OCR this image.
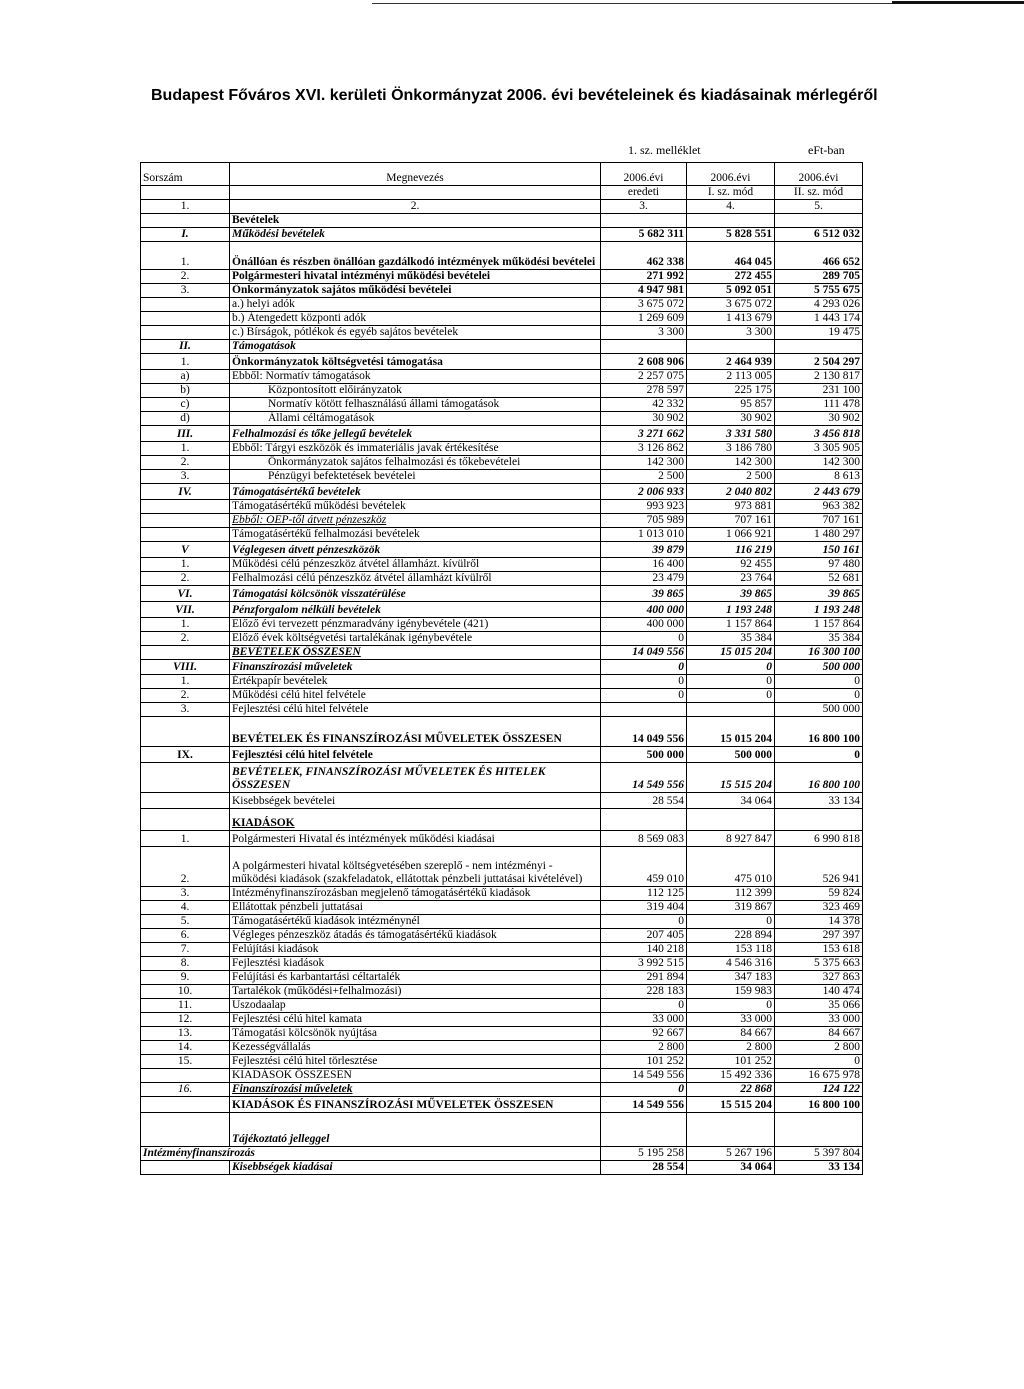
Budapest Főváros XVI. kerületi Önkormányzat 2006. évi bevételeinek és kiadásainak mérlegéről
1. sz. melléklet	eFt-ban
Sorszám	Megnevezés	2006.évi	2006.évi	2006.évi
		eredeti	I. sz. mód	II. sz. mód
1.	2.	3.	4.	5.
	Bevételek			
I.	Működési bevételek	5 682 311	5 828 551	6 512 032
1.	Önállóan és részben önállóan gazdálkodó intézmények működési bevételei	462 338	464 045	466 652
2.	Polgármesteri hivatal intézményi működési bevételei	271 992	272 455	289 705
3.	Önkormányzatok sajátos működési bevételei	4 947 981	5 092 051	5 755 675
	a.) helyi adók	3 675 072	3 675 072	4 293 026
	b.) Átengedett központi adók	1 269 609	1 413 679	1 443 174
	c.) Bírságok, pótlékok és egyéb sajátos bevételek	3 300	3 300	19 475
II.	Támogatások			
1.	Önkormányzatok költségvetési támogatása	2 608 906	2 464 939	2 504 297
a)	Ebből: Normatív támogatások	2 257 075	2 113 005	2 130 817
b)	Központosított előirányzatok	278 597	225 175	231 100
c)	Normatív kötött felhasználású állami támogatások	42 332	95 857	111 478
d)	Állami céltámogatások	30 902	30 902	30 902
III.	Felhalmozási és tőke jellegű bevételek	3 271 662	3 331 580	3 456 818
1.	Ebből: Tárgyi eszközök és immateriális javak értékesítése	3 126 862	3 186 780	3 305 905
2.	Önkormányzatok sajátos felhalmozási és tőkebevételei	142 300	142 300	142 300
3.	Pénzügyi befektetések bevételei	2 500	2 500	8 613
IV.	Támogatásértékű bevételek	2 006 933	2 040 802	2 443 679
	Támogatásértékű működési bevételek	993 923	973 881	963 382
	Ebből: OEP-től átvett pénzeszköz	705 989	707 161	707 161
	Támogatásértékű felhalmozási bevételek	1 013 010	1 066 921	1 480 297
V	Véglegesen átvett pénzeszközök	39 879	116 219	150 161
1.	Működési célú pénzeszköz átvétel államházt. kívülről	16 400	92 455	97 480
2.	Felhalmozási célú pénzeszköz átvétel államházt kívülről	23 479	23 764	52 681
VI.	Támogatási kölcsönök visszatérülése	39 865	39 865	39 865
VII.	Pénzforgalom nélküli bevételek	400 000	1 193 248	1 193 248
1.	Előző évi tervezett pénzmaradvány igénybevétele (421)	400 000	1 157 864	1 157 864
2.	Előző évek költségvetési tartalékának igénybevétele	0	35 384	35 384
	BEVÉTELEK ÖSSZESEN	14 049 556	15 015 204	16 300 100
VIII.	Finanszírozási műveletek	0	0	500 000
1.	Értékpapír bevételek	0	0	0
2.	Működési célú hitel felvétele	0	0	0
3.	Fejlesztési célú hitel felvétele			500 000
	BEVÉTELEK ÉS FINANSZÍROZÁSI MŰVELETEK ÖSSZESEN	14 049 556	15 015 204	16 800 100
IX.	Fejlesztési célú hitel felvétele	500 000	500 000	0
	BEVÉTELEK, FINANSZÍROZÁSI MŰVELETEK ÉS HITELEK ÖSSZESEN	14 549 556	15 515 204	16 800 100
	Kisebbségek bevételei	28 554	34 064	33 134
	KIADÁSOK			
1.	Polgármesteri Hivatal és intézmények működési kiadásai	8 569 083	8 927 847	6 990 818
2.	A polgármesteri hivatal költségvetésében szereplő - nem intézményi - működési kiadások (szakfeladatok, ellátottak pénzbeli juttatásai kivételével)	459 010	475 010	526 941
3.	Intézményfinanszírozásban megjelenő támogatásértékű kiadások	112 125	112 399	59 824
4.	Ellátottak pénzbeli juttatásai	319 404	319 867	323 469
5.	Támogatásértékű kiadások intézménynél	0	0	14 378
6.	Végleges pénzeszköz átadás és támogatásértékű kiadások	207 405	228 894	297 397
7.	Felújítási kiadások	140 218	153 118	153 618
8.	Fejlesztési kiadások	3 992 515	4 546 316	5 375 663
9.	Felújítási és karbantartási céltartalék	291 894	347 183	327 863
10.	Tartalékok (működési+felhalmozási)	228 183	159 983	140 474
11.	Uszodaalap	0	0	35 066
12.	Fejlesztési célú hitel kamata	33 000	33 000	33 000
13.	Támogatási kölcsönök nyújtása	92 667	84 667	84 667
14.	Kezességvállalás	2 800	2 800	2 800
15.	Fejlesztési célú hitel törlesztése	101 252	101 252	0
	KIADÁSOK ÖSSZESEN	14 549 556	15 492 336	16 675 978
16.	Finanszírozási műveletek	0	22 868	124 122
	KIADÁSOK ÉS FINANSZÍROZÁSI MŰVELETEK ÖSSZESEN	14 549 556	15 515 204	16 800 100
	Tájékoztató jelleggel			
Intézményfinanszírozás		5 195 258	5 267 196	5 397 804
	Kisebbségek kiadásai	28 554	34 064	33 134
